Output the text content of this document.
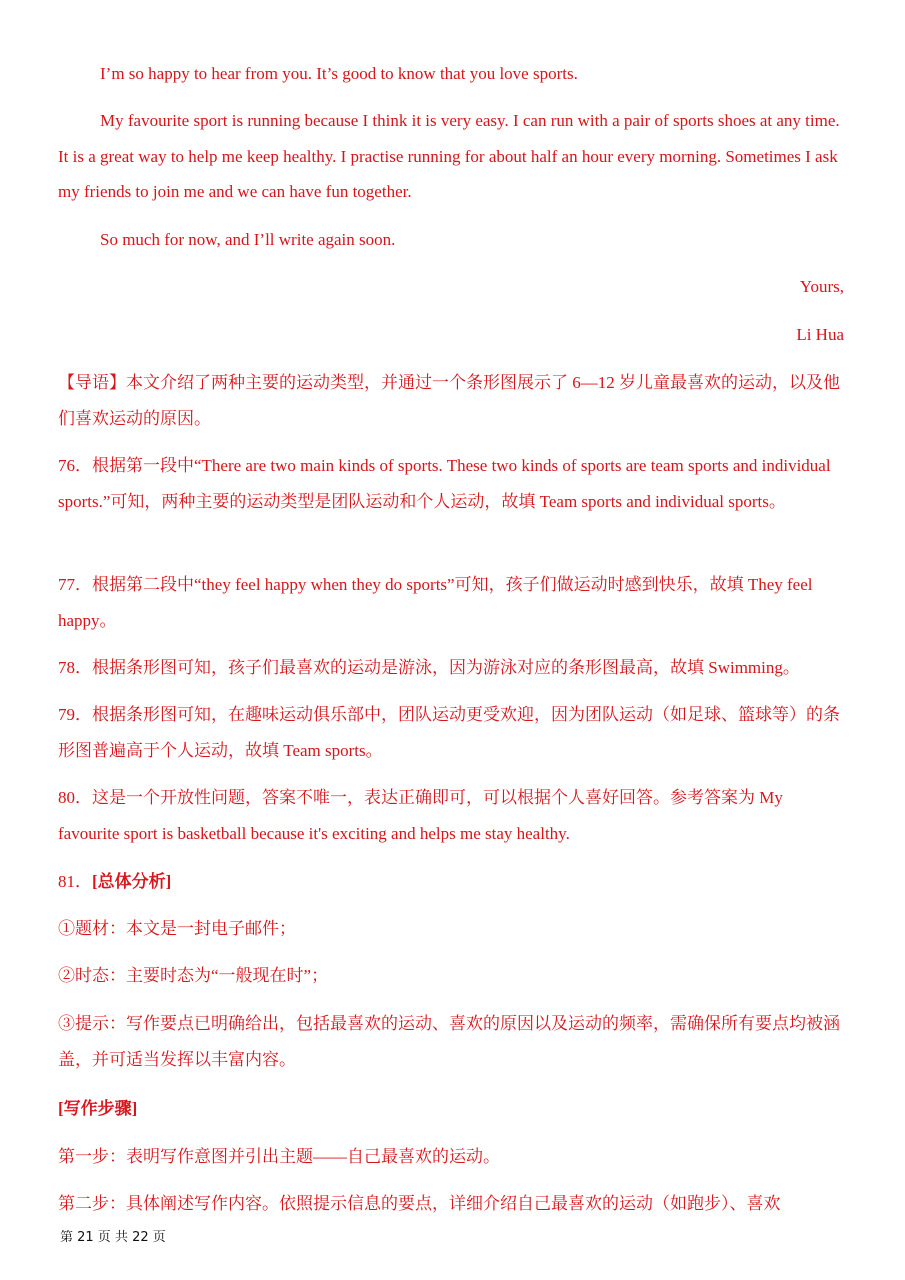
I’m so happy to hear from you. It’s good to know that you love sports.

My favourite sport is running because I think it is very easy. I can run with a pair of sports shoes at any time. It is a great way to help me keep healthy. I practise running for about half an hour every morning. Sometimes I ask my friends to join me and we can have fun together.

So much for now, and I’ll write again soon.

Yours,

Li Hua

【导语】本文介绍了两种主要的运动类型，并通过一个条形图展示了 6—12 岁儿童最喜欢的运动，以及他们喜欢运动的原因。

76．根据第一段中“There are two main kinds of sports. These two kinds of sports are team sports and individual sports.”可知，两种主要的运动类型是团队运动和个人运动，故填 Team sports and individual sports。

77．根据第二段中“they feel happy when they do sports”可知，孩子们做运动时感到快乐，故填 They feel happy。

78．根据条形图可知，孩子们最喜欢的运动是游泳，因为游泳对应的条形图最高，故填 Swimming。

79．根据条形图可知，在趣味运动俱乐部中，团队运动更受欢迎，因为团队运动（如足球、篮球等）的条形图普遍高于个人运动，故填 Team sports。

80．这是一个开放性问题，答案不唯一，表达正确即可，可以根据个人喜好回答。参考答案为 My favourite sport is basketball because it's exciting and helps me stay healthy.

81．[总体分析]

①题材：本文是一封电子邮件；

②时态：主要时态为“一般现在时”；

③提示：写作要点已明确给出，包括最喜欢的运动、喜欢的原因以及运动的频率，需确保所有要点均被涵盖，并可适当发挥以丰富内容。

[写作步骤]

第一步：表明写作意图并引出主题——自己最喜欢的运动。

第二步：具体阐述写作内容。依照提示信息的要点，详细介绍自己最喜欢的运动（如跑步）、喜欢

第 21 页 共 22 页
